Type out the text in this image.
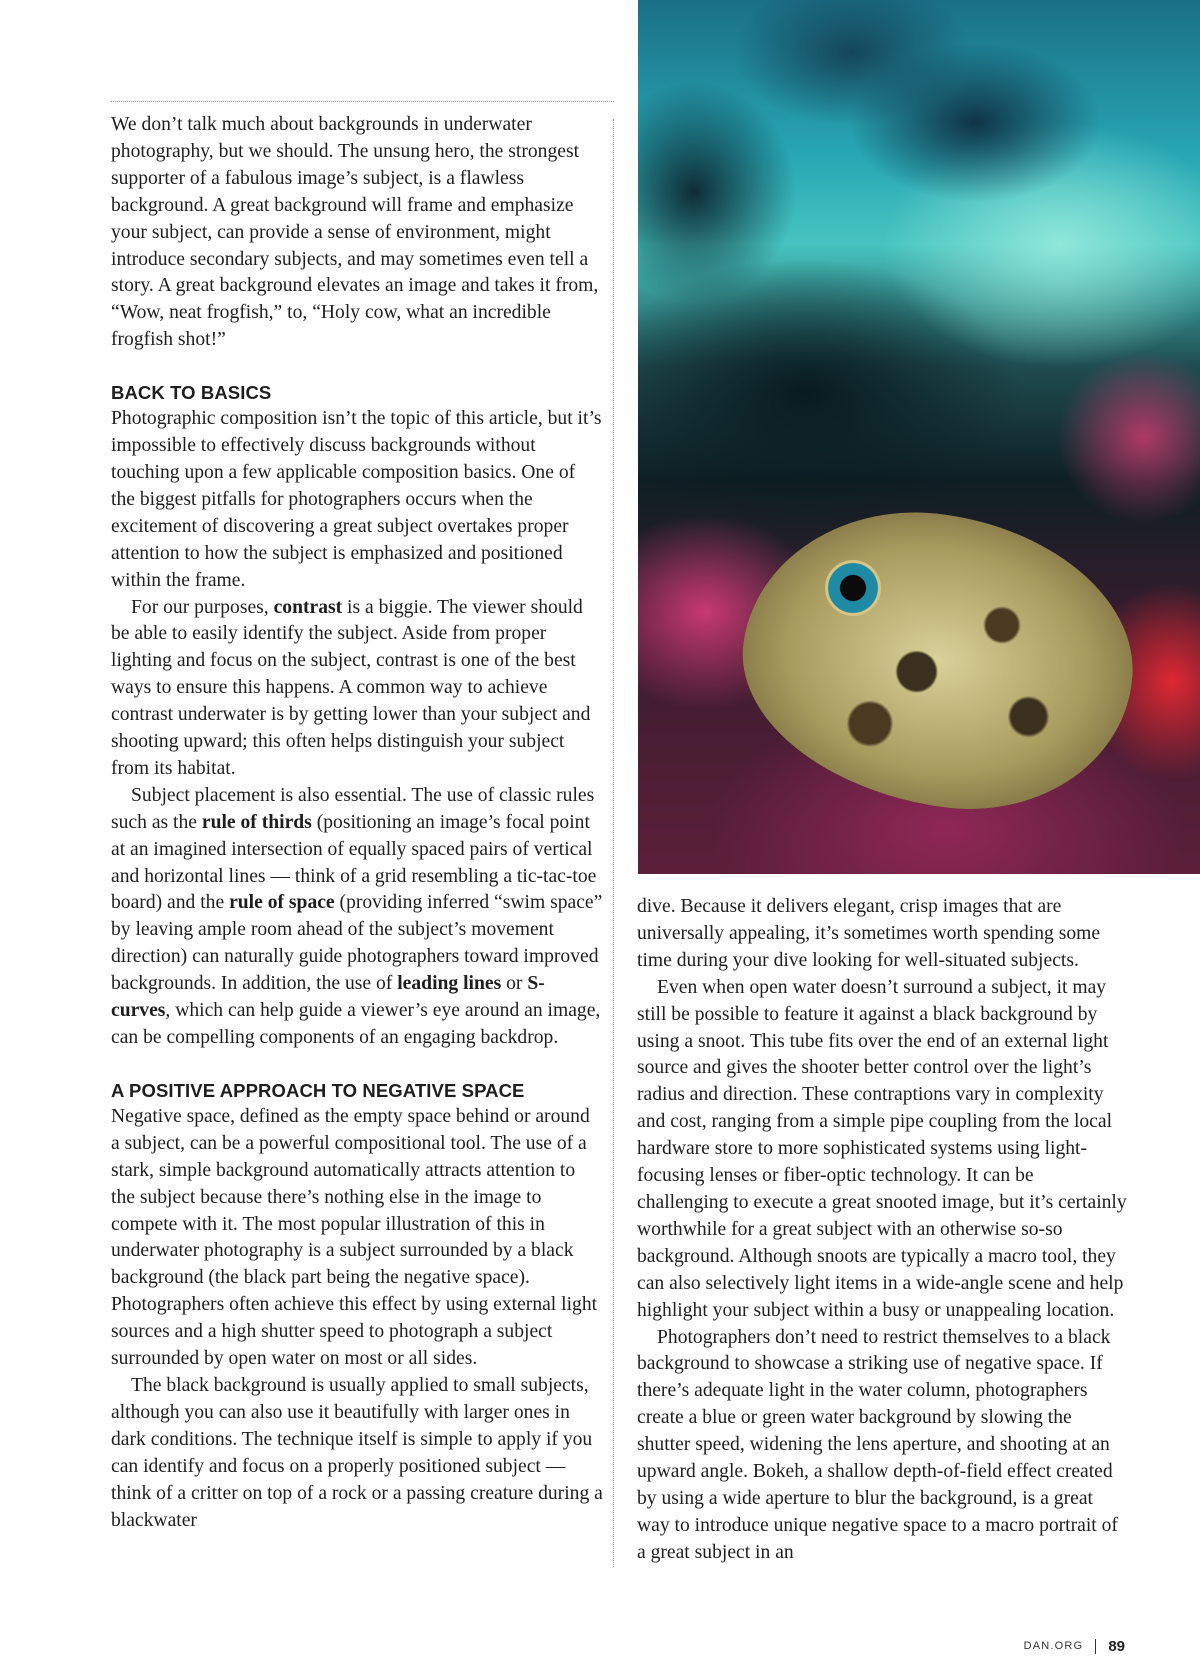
We don’t talk much about backgrounds in underwater photography, but we should. The unsung hero, the strongest supporter of a fabulous image’s subject, is a flawless background. A great background will frame and emphasize your subject, can provide a sense of environment, might introduce secondary subjects, and may sometimes even tell a story. A great background elevates an image and takes it from, “Wow, neat frogfish,” to, “Holy cow, what an incredible frogfish shot!”

BACK TO BASICS

Photographic composition isn’t the topic of this article, but it’s impossible to effectively discuss backgrounds without touching upon a few applicable composition basics. One of the biggest pitfalls for photographers occurs when the excitement of discovering a great subject overtakes proper attention to how the subject is emphasized and positioned within the frame.

For our purposes, contrast is a biggie. The viewer should be able to easily identify the subject. Aside from proper lighting and focus on the subject, contrast is one of the best ways to ensure this happens. A common way to achieve contrast underwater is by getting lower than your subject and shooting upward; this often helps distinguish your subject from its habitat.

Subject placement is also essential. The use of classic rules such as the rule of thirds (positioning an image’s focal point at an imagined intersection of equally spaced pairs of vertical and horizontal lines — think of a grid resembling a tic-tac-toe board) and the rule of space (providing inferred “swim space” by leaving ample room ahead of the subject’s movement direction) can naturally guide photographers toward improved backgrounds. In addition, the use of leading lines or S-curves, which can help guide a viewer’s eye around an image, can be compelling components of an engaging backdrop.

A POSITIVE APPROACH TO NEGATIVE SPACE

Negative space, defined as the empty space behind or around a subject, can be a powerful compositional tool. The use of a stark, simple background automatically attracts attention to the subject because there’s nothing else in the image to compete with it. The most popular illustration of this in underwater photography is a subject surrounded by a black background (the black part being the negative space). Photographers often achieve this effect by using external light sources and a high shutter speed to photograph a subject surrounded by open water on most or all sides.

The black background is usually applied to small subjects, although you can also use it beautifully with larger ones in dark conditions. The technique itself is simple to apply if you can identify and focus on a properly positioned subject — think of a critter on top of a rock or a passing creature during a blackwater

dive. Because it delivers elegant, crisp images that are universally appealing, it’s sometimes worth spending some time during your dive looking for well-situated subjects.

Even when open water doesn’t surround a subject, it may still be possible to feature it against a black background by using a snoot. This tube fits over the end of an external light source and gives the shooter better control over the light’s radius and direction. These contraptions vary in complexity and cost, ranging from a simple pipe coupling from the local hardware store to more sophisticated systems using light-focusing lenses or fiber-optic technology. It can be challenging to execute a great snooted image, but it’s certainly worthwhile for a great subject with an otherwise so-so background. Although snoots are typically a macro tool, they can also selectively light items in a wide-angle scene and help highlight your subject within a busy or unappealing location.

Photographers don’t need to restrict themselves to a black background to showcase a striking use of negative space. If there’s adequate light in the water column, photographers create a blue or green water background by slowing the shutter speed, widening the lens aperture, and shooting at an upward angle. Bokeh, a shallow depth-of-field effect created by using a wide aperture to blur the background, is a great way to introduce unique negative space to a macro portrait of a great subject in an

DAN.ORG 89
